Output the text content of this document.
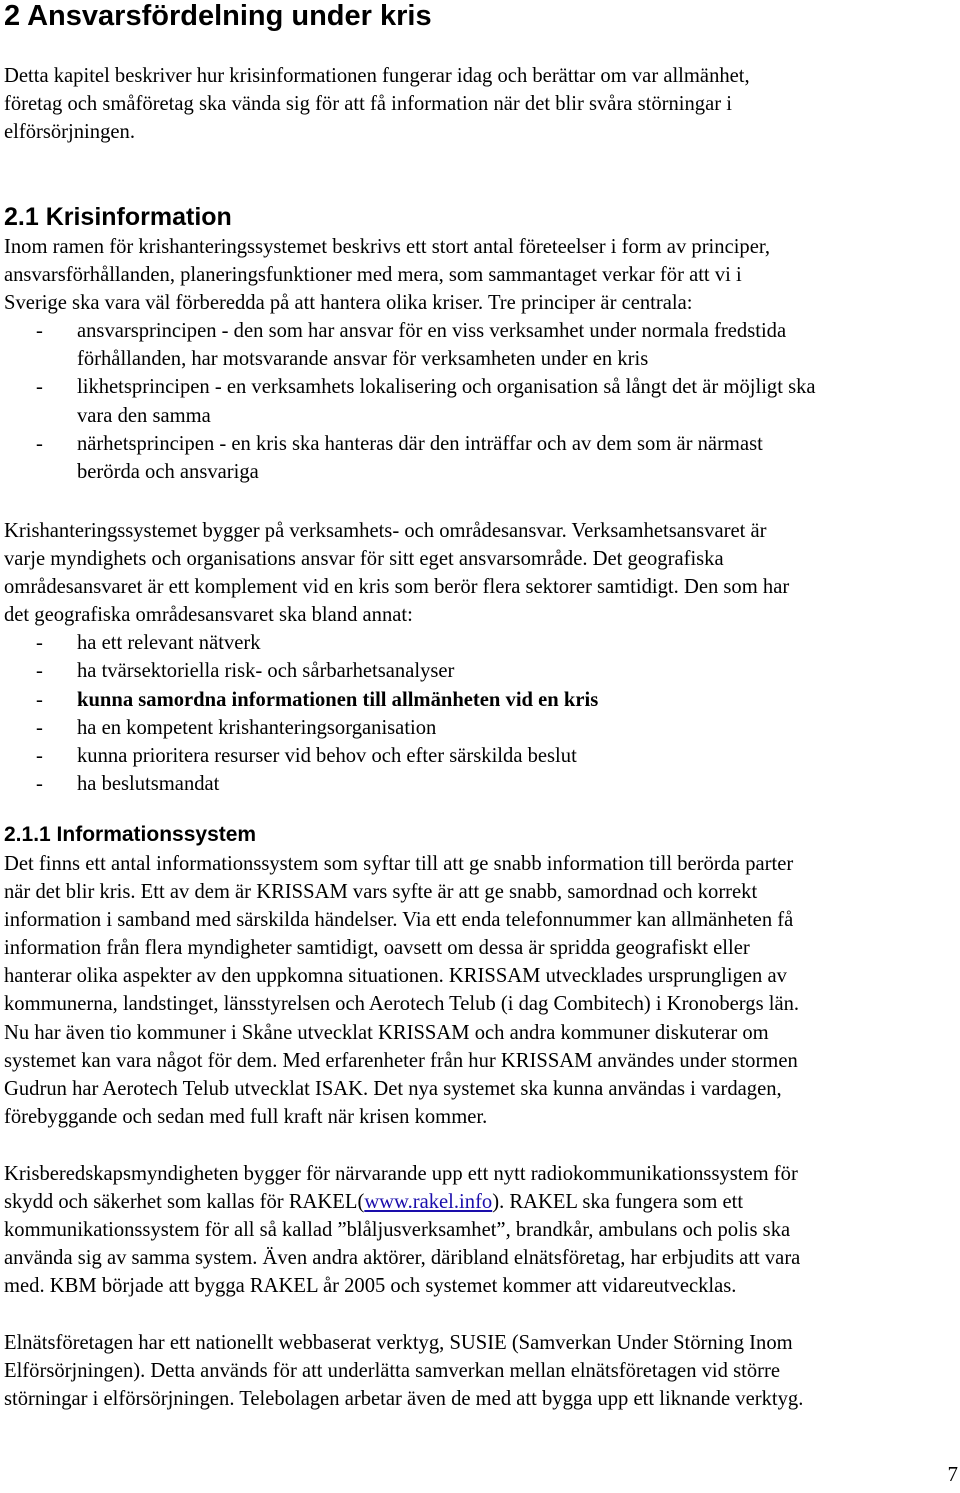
2 Ansvarsfördelning under kris
Detta kapitel beskriver hur krisinformationen fungerar idag och berättar om var allmänhet,
företag och småföretag ska vända sig för att få information när det blir svåra störningar i
elförsörjningen.
2.1 Krisinformation
Inom ramen för krishanteringssystemet beskrivs ett stort antal företeelser i form av principer,
ansvarsförhållanden, planeringsfunktioner med mera, som sammantaget verkar för att vi i
Sverige ska vara väl förberedda på att hantera olika kriser. Tre principer är centrala:
- ansvarsprincipen - den som har ansvar för en viss verksamhet under normala fredstida
förhållanden, har motsvarande ansvar för verksamheten under en kris
- likhetsprincipen - en verksamhets lokalisering och organisation så långt det är möjligt ska
vara den samma
- närhetsprincipen - en kris ska hanteras där den inträffar och av dem som är närmast
berörda och ansvariga
Krishanteringssystemet bygger på verksamhets- och områdesansvar. Verksamhetsansvaret är
varje myndighets och organisations ansvar för sitt eget ansvarsområde. Det geografiska
områdesansvaret är ett komplement vid en kris som berör flera sektorer samtidigt. Den som har
det geografiska områdesansvaret ska bland annat:
- ha ett relevant nätverk
- ha tvärsektoriella risk- och sårbarhetsanalyser
- kunna samordna informationen till allmänheten vid en kris
- ha en kompetent krishanteringsorganisation
- kunna prioritera resurser vid behov och efter särskilda beslut
- ha beslutsmandat
2.1.1 Informationssystem
Det finns ett antal informationssystem som syftar till att ge snabb information till berörda parter
när det blir kris. Ett av dem är KRISSAM vars syfte är att ge snabb, samordnad och korrekt
information i samband med särskilda händelser. Via ett enda telefonnummer kan allmänheten få
information från flera myndigheter samtidigt, oavsett om dessa är spridda geografiskt eller
hanterar olika aspekter av den uppkomna situationen. KRISSAM utvecklades ursprungligen av
kommunerna, landstinget, länsstyrelsen och Aerotech Telub (i dag Combitech) i Kronobergs län.
Nu har även tio kommuner i Skåne utvecklat KRISSAM och andra kommuner diskuterar om
systemet kan vara något för dem. Med erfarenheter från hur KRISSAM användes under stormen
Gudrun har Aerotech Telub utvecklat ISAK. Det nya systemet ska kunna användas i vardagen,
förebyggande och sedan med full kraft när krisen kommer.
Krisberedskapsmyndigheten bygger för närvarande upp ett nytt radiokommunikationssystem för
skydd och säkerhet som kallas för RAKEL(www.rakel.info). RAKEL ska fungera som ett
kommunikationssystem för all så kallad ”blåljusverksamhet”, brandkår, ambulans och polis ska
använda sig av samma system. Även andra aktörer, däribland elnätsföretag, har erbjudits att vara
med. KBM började att bygga RAKEL år 2005 och systemet kommer att vidareutvecklas.
Elnätsföretagen har ett nationellt webbaserat verktyg, SUSIE (Samverkan Under Störning Inom
Elförsörjningen). Detta används för att underlätta samverkan mellan elnätsföretagen vid större
störningar i elförsörjningen. Telebolagen arbetar även de med att bygga upp ett liknande verktyg.
7
